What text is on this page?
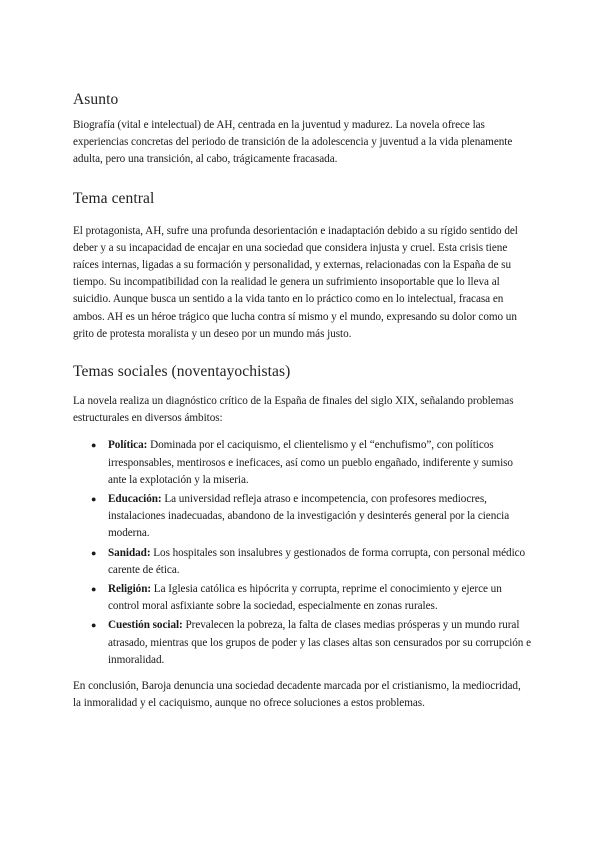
Asunto

Biografía (vital e intelectual) de AH, centrada en la juventud y madurez. La novela ofrece las experiencias concretas del periodo de transición de la adolescencia y juventud a la vida plenamente adulta, pero una transición, al cabo, trágicamente fracasada.

Tema central

El protagonista, AH, sufre una profunda desorientación e inadaptación debido a su rígido sentido del deber y a su incapacidad de encajar en una sociedad que considera injusta y cruel. Esta crisis tiene raíces internas, ligadas a su formación y personalidad, y externas, relacionadas con la España de su tiempo. Su incompatibilidad con la realidad le genera un sufrimiento insoportable que lo lleva al suicidio. Aunque busca un sentido a la vida tanto en lo práctico como en lo intelectual, fracasa en ambos. AH es un héroe trágico que lucha contra sí mismo y el mundo, expresando su dolor como un grito de protesta moralista y un deseo por un mundo más justo.

Temas sociales (noventayochistas)

La novela realiza un diagnóstico crítico de la España de finales del siglo XIX, señalando problemas estructurales en diversos ámbitos:

● Política: Dominada por el caciquismo, el clientelismo y el “enchufismo”, con políticos irresponsables, mentirosos e ineficaces, así como un pueblo engañado, indiferente y sumiso ante la explotación y la miseria.
● Educación: La universidad refleja atraso e incompetencia, con profesores mediocres, instalaciones inadecuadas, abandono de la investigación y desinterés general por la ciencia moderna.
● Sanidad: Los hospitales son insalubres y gestionados de forma corrupta, con personal médico carente de ética.
● Religión: La Iglesia católica es hipócrita y corrupta, reprime el conocimiento y ejerce un control moral asfixiante sobre la sociedad, especialmente en zonas rurales.
● Cuestión social: Prevalecen la pobreza, la falta de clases medias prósperas y un mundo rural atrasado, mientras que los grupos de poder y las clases altas son censurados por su corrupción e inmoralidad.

En conclusión, Baroja denuncia una sociedad decadente marcada por el cristianismo, la mediocridad, la inmoralidad y el caciquismo, aunque no ofrece soluciones a estos problemas.
